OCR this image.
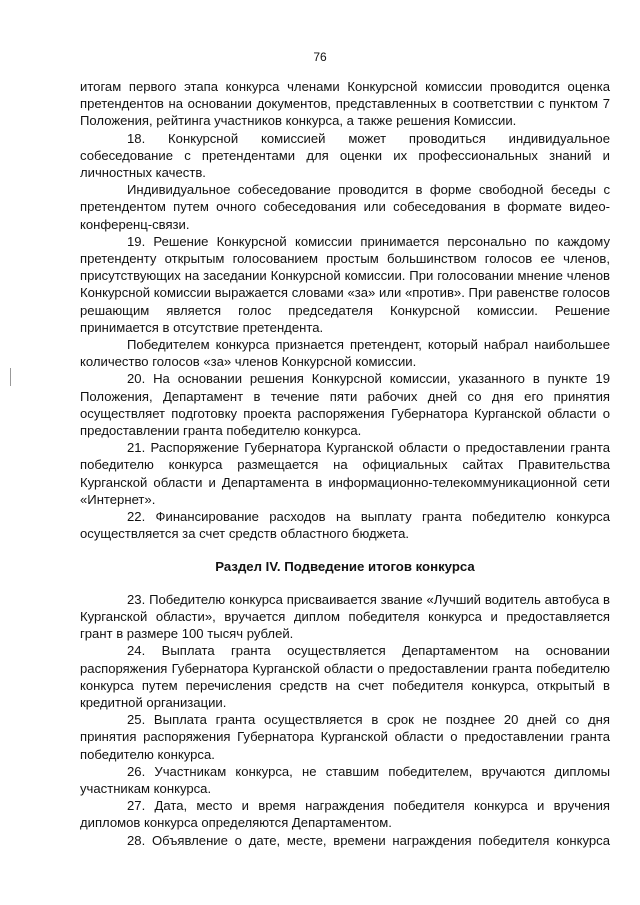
76

итогам первого этапа конкурса членами Конкурсной комиссии проводится оценка претендентов на основании документов, представленных в соответствии с пунктом 7 Положения, рейтинга участников конкурса, а также решения Комиссии.

18. Конкурсной комиссией может проводиться индивидуальное собеседование с претендентами для оценки их профессиональных знаний и личностных качеств.

Индивидуальное собеседование проводится в форме свободной беседы с претендентом путем очного собеседования или собеседования в формате видео-конференц-связи.

19. Решение Конкурсной комиссии принимается персонально по каждому претенденту открытым голосованием простым большинством голосов ее членов, присутствующих на заседании Конкурсной комиссии. При голосовании мнение членов Конкурсной комиссии выражается словами «за» или «против». При равенстве голосов решающим является голос председателя Конкурсной комиссии. Решение принимается в отсутствие претендента.

Победителем конкурса признается претендент, который набрал наибольшее количество голосов «за» членов Конкурсной комиссии.

20. На основании решения Конкурсной комиссии, указанного в пункте 19 Положения, Департамент в течение пяти рабочих дней со дня его принятия осуществляет подготовку проекта распоряжения Губернатора Курганской области о предоставлении гранта победителю конкурса.

21. Распоряжение Губернатора Курганской области о предоставлении гранта победителю конкурса размещается на официальных сайтах Правительства Курганской области и Департамента в информационно-телекоммуникационной сети «Интернет».

22. Финансирование расходов на выплату гранта победителю конкурса осуществляется за счет средств областного бюджета.

Раздел IV. Подведение итогов конкурса

23. Победителю конкурса присваивается звание «Лучший водитель автобуса в Курганской области», вручается диплом победителя конкурса и предоставляется грант в размере 100 тысяч рублей.

24. Выплата гранта осуществляется Департаментом на основании распоряжения Губернатора Курганской области о предоставлении гранта победителю конкурса путем перечисления средств на счет победителя конкурса, открытый в кредитной организации.

25. Выплата гранта осуществляется в срок не позднее 20 дней со дня принятия распоряжения Губернатора Курганской области о предоставлении гранта победителю конкурса.

26. Участникам конкурса, не ставшим победителем, вручаются дипломы участникам конкурса.

27. Дата, место и время награждения победителя конкурса и вручения дипломов конкурса определяются Департаментом.

28. Объявление о дате, месте, времени награждения победителя конкурса
